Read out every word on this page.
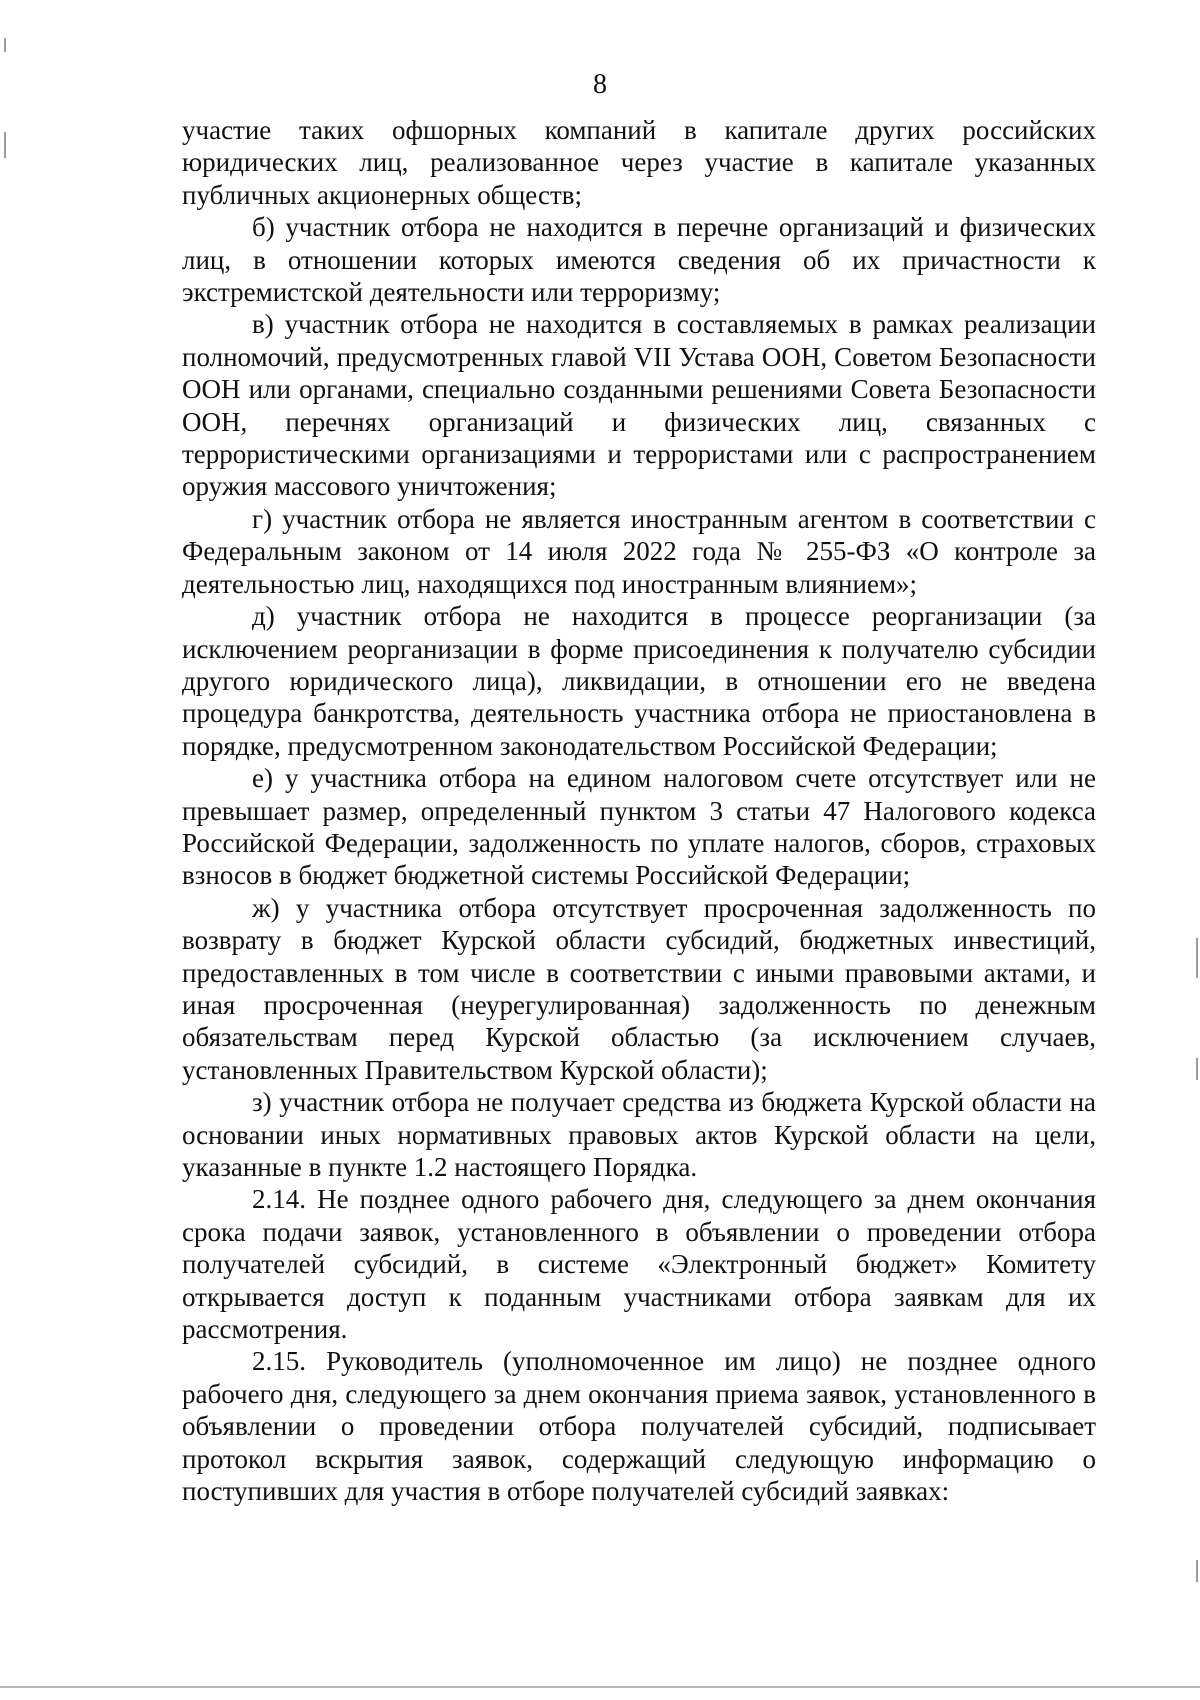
8

участие таких офшорных компаний в капитале других российских юридических лиц, реализованное через участие в капитале указанных публичных акционерных обществ;

б) участник отбора не находится в перечне организаций и физических лиц, в отношении которых имеются сведения об их причастности к экстремистской деятельности или терроризму;

в) участник отбора не находится в составляемых в рамках реализации полномочий, предусмотренных главой VII Устава ООН, Советом Безопасности ООН или органами, специально созданными решениями Совета Безопасности ООН, перечнях организаций и физических лиц, связанных с террористическими организациями и террористами или с распространением оружия массового уничтожения;

г) участник отбора не является иностранным агентом в соответствии с Федеральным законом от 14 июля 2022 года № 255-ФЗ «О контроле за деятельностью лиц, находящихся под иностранным влиянием»;

д) участник отбора не находится в процессе реорганизации (за исключением реорганизации в форме присоединения к получателю субсидии другого юридического лица), ликвидации, в отношении его не введена процедура банкротства, деятельность участника отбора не приостановлена в порядке, предусмотренном законодательством Российской Федерации;

е) у участника отбора на едином налоговом счете отсутствует или не превышает размер, определенный пунктом 3 статьи 47 Налогового кодекса Российской Федерации, задолженность по уплате налогов, сборов, страховых взносов в бюджет бюджетной системы Российской Федерации;

ж) у участника отбора отсутствует просроченная задолженность по возврату в бюджет Курской области субсидий, бюджетных инвестиций, предоставленных в том числе в соответствии с иными правовыми актами, и иная просроченная (неурегулированная) задолженность по денежным обязательствам перед Курской областью (за исключением случаев, установленных Правительством Курской области);

з) участник отбора не получает средства из бюджета Курской области на основании иных нормативных правовых актов Курской области на цели, указанные в пункте 1.2 настоящего Порядка.

2.14. Не позднее одного рабочего дня, следующего за днем окончания срока подачи заявок, установленного в объявлении о проведении отбора получателей субсидий, в системе «Электронный бюджет» Комитету открывается доступ к поданным участниками отбора заявкам для их рассмотрения.

2.15. Руководитель (уполномоченное им лицо) не позднее одного рабочего дня, следующего за днем окончания приема заявок, установленного в объявлении о проведении отбора получателей субсидий, подписывает протокол вскрытия заявок, содержащий следующую информацию о поступивших для участия в отборе получателей субсидий заявках:
